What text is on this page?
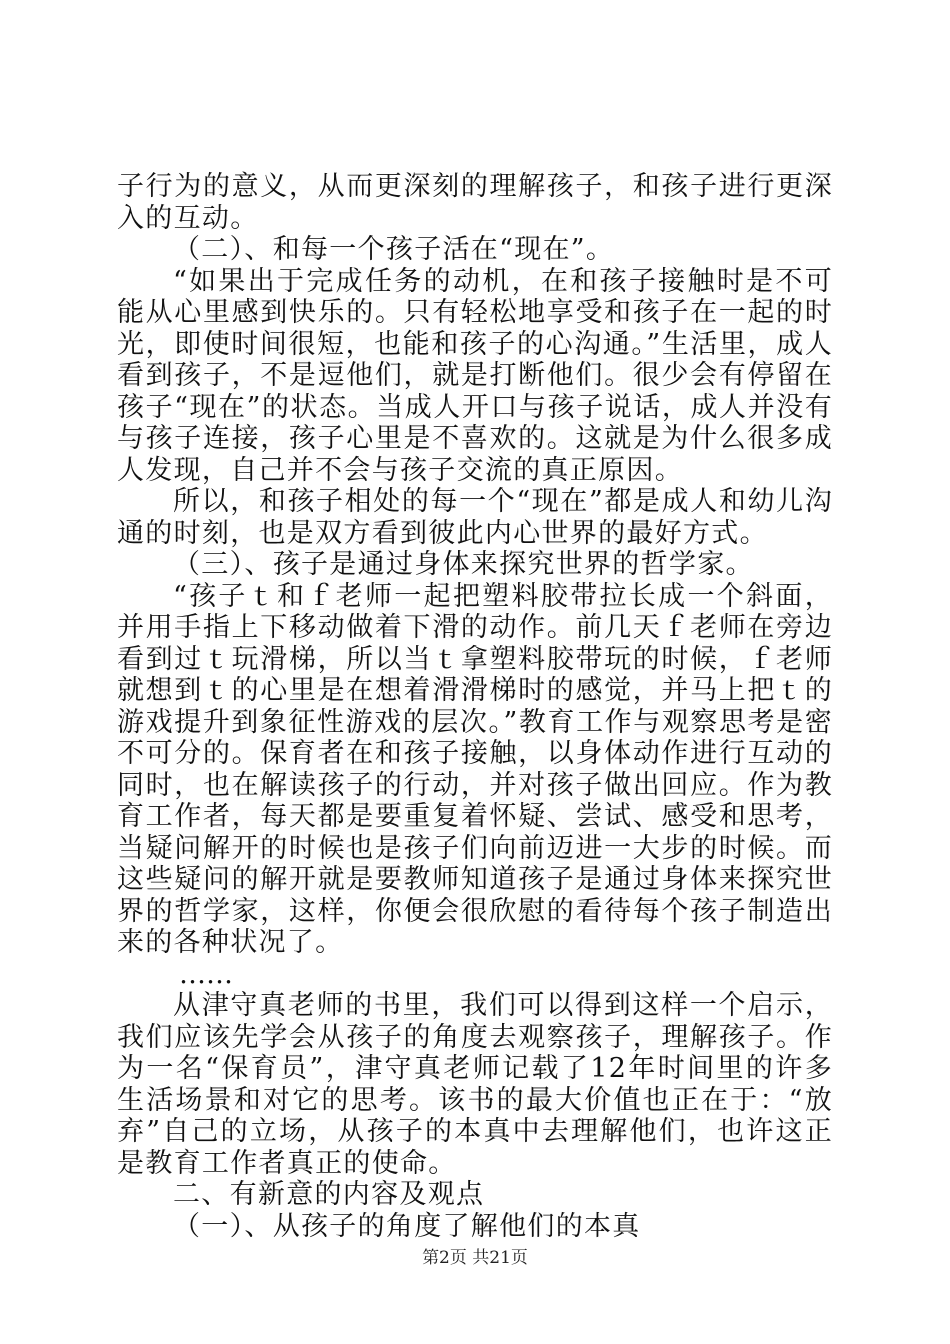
子行为的意义，从而更深刻的理解孩子，和孩子进行更深入的互动。

（二）、和每一个孩子活在“现在”。

“如果出于完成任务的动机，在和孩子接触时是不可能从心里感到快乐的。只有轻松地享受和孩子在一起的时光，即使时间很短，也能和孩子的心沟通。”生活里，成人看到孩子，不是逗他们，就是打断他们。很少会有停留在孩子“现在”的状态。当成人开口与孩子说话，成人并没有与孩子连接，孩子心里是不喜欢的。这就是为什么很多成人发现，自己并不会与孩子交流的真正原因。

所以，和孩子相处的每一个“现在”都是成人和幼儿沟通的时刻，也是双方看到彼此内心世界的最好方式。

（三）、孩子是通过身体来探究世界的哲学家。

“孩子ｔ和ｆ老师一起把塑料胶带拉长成一个斜面，并用手指上下移动做着下滑的动作。前几天ｆ老师在旁边看到过ｔ玩滑梯，所以当ｔ拿塑料胶带玩的时候，ｆ老师就想到ｔ的心里是在想着滑滑梯时的感觉，并马上把ｔ的游戏提升到象征性游戏的层次。”教育工作与观察思考是密不可分的。保育者在和孩子接触，以身体动作进行互动的同时，也在解读孩子的行动，并对孩子做出回应。作为教育工作者，每天都是要重复着怀疑、尝试、感受和思考，当疑问解开的时候也是孩子们向前迈进一大步的时候。而这些疑问的解开就是要教师知道孩子是通过身体来探究世界的哲学家，这样，你便会很欣慰的看待每个孩子制造出来的各种状况了。

……

从津守真老师的书里，我们可以得到这样一个启示，我们应该先学会从孩子的角度去观察孩子，理解孩子。作为一名“保育员”，津守真老师记载了12年时间里的许多生活场景和对它的思考。该书的最大价值也正在于：“放弃”自己的立场，从孩子的本真中去理解他们，也许这正是教育工作者真正的使命。

二、有新意的内容及观点

（一）、从孩子的角度了解他们的本真

第2页 共21页
